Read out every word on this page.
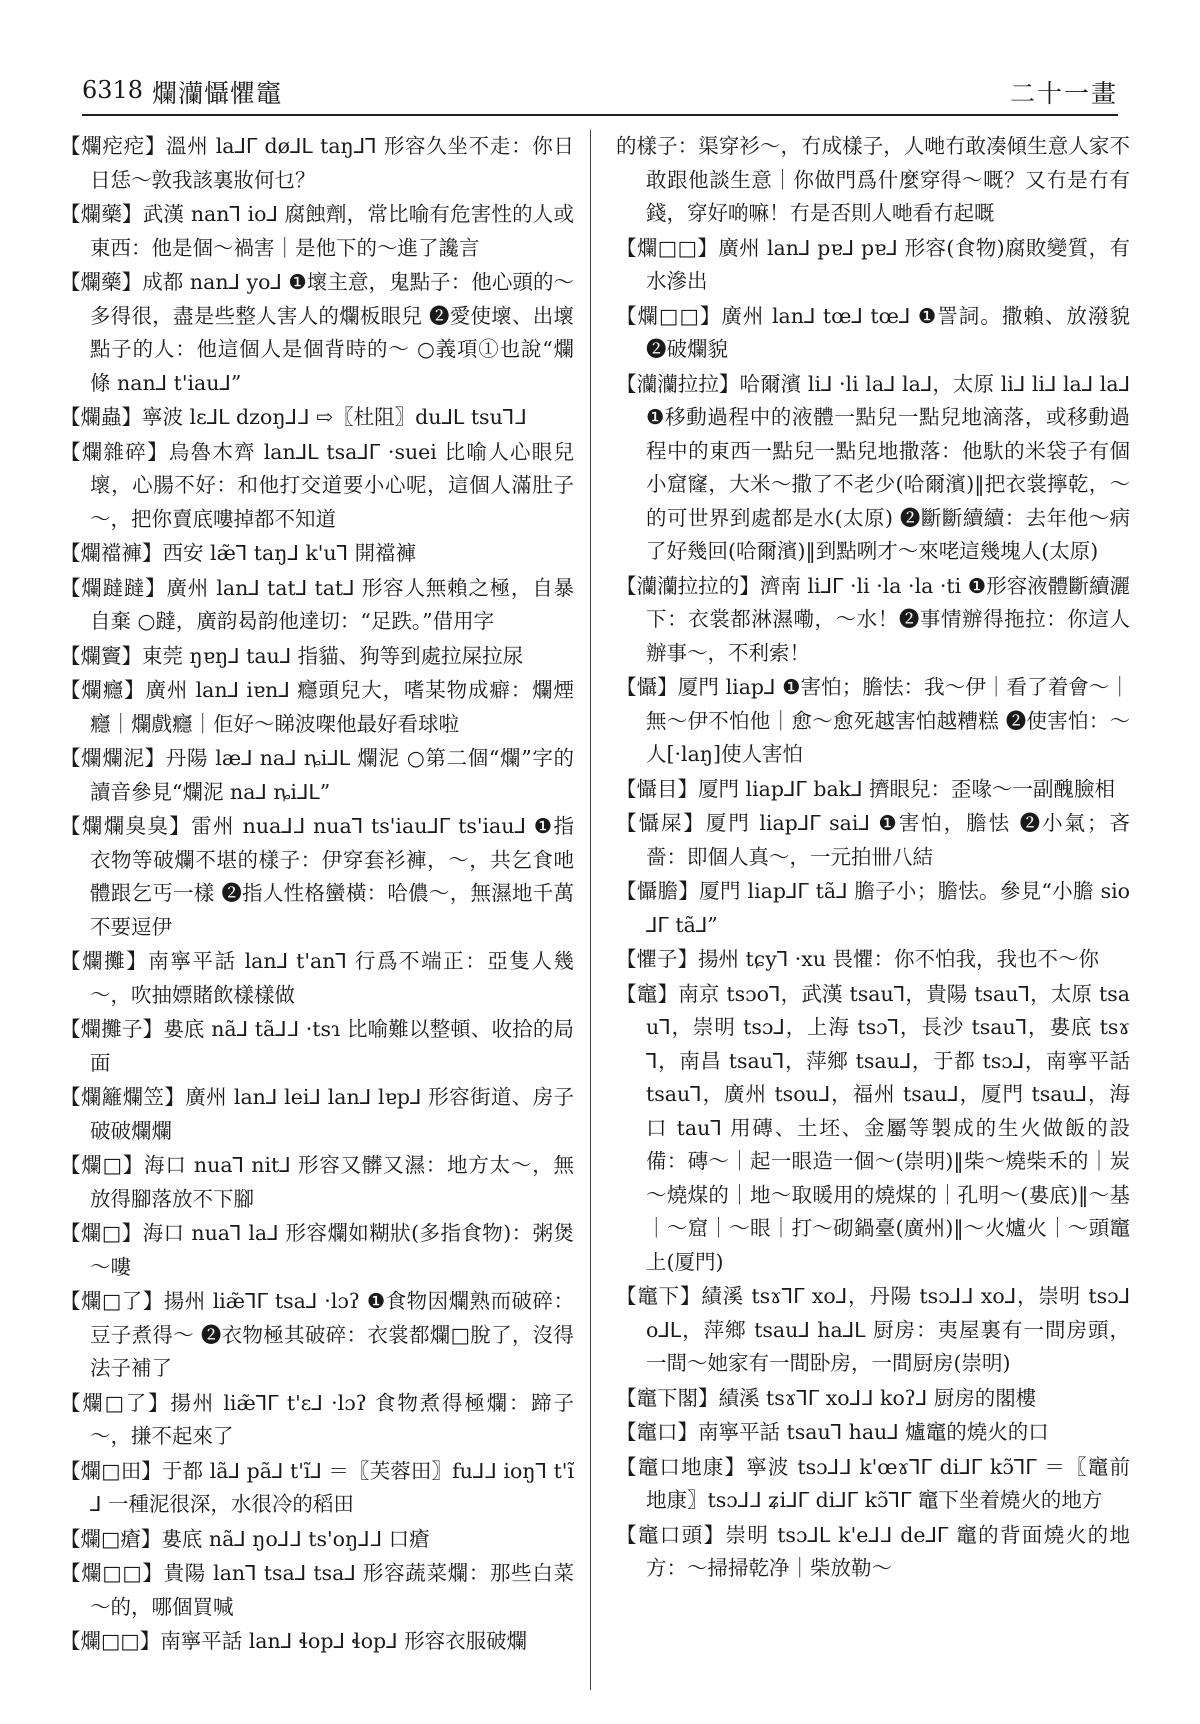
6318 爛灡懾懼竈	二十一畫

【爛㾃㾃】溫州 la⅃ᒥ dø⅃ᒪ taŋ⅃⅂ 形容久坐不走：你日日恁～敦我該裏妝何乜？

【爛藥】武漢 nan⅂ io⅃ 腐蝕劑，常比喻有危害性的人或東西：他是個～禍害｜是他下的～進了讒言

【爛藥】成都 nan⅃ yo⅃ ❶壞主意，鬼點子：他心頭的～多得很，盡是些整人害人的爛板眼兒 ❷愛使壞、出壞點子的人：他這個人是個背時的～ ○義項①也說“爛條 nan⅃ t'iau⅃”

【爛蟲】寧波 lɛ⅃ᒪ dzoŋ⅃ᒧ ⇨〖杜阻〗du⅃ᒪ tsu⅂ᒧ

【爛雜碎】烏魯木齊 lan⅃ᒪ tsa⅃ᒥ ·suei 比喻人心眼兒壞，心腸不好：和他打交道要小心呢，這個人滿肚子～，把你賣底嘍掉都不知道

【爛襠褲】西安 læ̃⅂ taŋ⅃ k'u⅂ 開襠褲

【爛躂躂】廣州 lan⅃ tat⅃ tat⅃ 形容人無賴之極，自暴自棄 ○躂，廣韵曷韵他達切：“足跌。”借用字

【爛竇】東莞 ŋɐŋ⅃ tau⅃ 指貓、狗等到處拉屎拉尿

【爛癮】廣州 lan⅃ iɐn⅃ 癮頭兒大，嗜某物成癖：爛煙癮｜爛戲癮｜佢好～睇波㗎他最好看球啦

【爛爛泥】丹陽 læ⅃ na⅃ ȵi⅃ᒪ 爛泥 ○第二個“爛”字的讀音參見“爛泥 na⅃ ȵi⅃ᒪ”

【爛爛臭臭】雷州 nua⅃ᒧ nua⅂ ts'iau⅃ᒥ ts'iau⅃ ❶指衣物等破爛不堪的樣子：伊穿套衫褲，～，共乞食吔體跟乞丐一樣 ❷指人性格蠻橫：哈儂～，無濕地千萬不要逗伊

【爛攤】南寧平話 lan⅃ t'an⅂ 行爲不端正：亞隻人幾～，吹抽嫖賭飲樣樣做

【爛攤子】婁底 nã⅃ tã⅃ᒧ ·tsɿ 比喻難以整頓、收拾的局面

【爛籬爛笠】廣州 lan⅃ lei⅃ lan⅃ lɐp⅃ 形容街道、房子破破爛爛

【爛□】海口 nua⅂ nit⅃ 形容又髒又濕：地方太～，無放得腳落放不下腳

【爛□】海口 nua⅂ la⅃ 形容爛如糊狀(多指食物)：粥煲～嘍

【爛□了】揚州 liæ̃⅂ᒥ tsa⅃ ·lɔʔ ❶食物因爛熟而破碎：豆子煮得～ ❷衣物極其破碎：衣裳都爛□脫了，沒得法子補了

【爛□了】揚州 liæ̃⅂ᒥ t'ɛ⅃ ·lɔʔ 食物煮得極爛：蹄子～，搛不起來了

【爛□田】于都 lã⅃ pã⅃ t'ĩ⅃ ＝〖芙蓉田〗fu⅃ᒧ ioŋ⅂ t'ĩ⅃ 一種泥很深，水很冷的稻田

【爛□瘡】婁底 nã⅃ ŋo⅃ᒧ ts'oŋ⅃ᒧ 口瘡

【爛□□】貴陽 lan⅂ tsa⅃ tsa⅃ 形容蔬菜爛：那些白菜～的，哪個買喊

【爛□□】南寧平話 lan⅃ ɬop⅃ ɬop⅃ 形容衣服破爛

的樣子：渠穿衫～，冇成樣子，人哋冇敢凑傾生意人家不敢跟他談生意｜你做門爲什麼穿得～嘅？又冇是冇有錢，穿好啲嘛！冇是否則人哋看冇起嘅

【爛□□】廣州 lan⅃ pɐ⅃ pɐ⅃ 形容(食物)腐敗變質，有水滲出

【爛□□】廣州 lan⅃ tœ⅃ tœ⅃ ❶詈詞。撒賴、放潑貌 ❷破爛貌

【灡灡拉拉】哈爾濱 li⅃ ·li la⅃ la⅃，太原 li⅃ li⅃ la⅃ la⅃ ❶移動過程中的液體一點兒一點兒地滴落，或移動過程中的東西一點兒一點兒地撒落：他馱的米袋子有個小窟窿，大米～撒了不老少(哈爾濱)‖把衣裳擰乾，～的可世界到處都是水(太原) ❷斷斷續續：去年他～病了好幾回(哈爾濱)‖到點咧才～來咾這幾塊人(太原)

【灡灡拉拉的】濟南 li⅃ᒥ ·li ·la ·la ·ti ❶形容液體斷續灑下：衣裳都淋濕嘞，～水！❷事情辦得拖拉：你這人辦事～，不利索！

【懾】厦門 liap⅃ ❶害怕；膽怯：我～伊｜看了着會～｜無～伊不怕他｜愈～愈死越害怕越糟糕 ❷使害怕：～人[·laŋ]使人害怕

【懾目】厦門 liap⅃ᒥ bak⅃ 擠眼兒：歪喙～一副醜臉相

【懾屎】厦門 liap⅃ᒥ sai⅃ ❶害怕，膽怯 ❷小氣；吝嗇：即個人真～，一元拍卌八結

【懾膽】厦門 liap⅃ᒥ tã⅃ 膽子小；膽怯。參見“小膽 sio⅃ᒥ tã⅃”

【懼子】揚州 tɕy⅂ ·xu 畏懼：你不怕我，我也不～你

【竈】南京 tsɔo⅂，武漢 tsau⅂，貴陽 tsau⅂，太原 tsau⅂，崇明 tsɔ⅃，上海 tsɔ⅂，長沙 tsau⅂，婁底 tsɤ⅂，南昌 tsau⅂，萍鄉 tsau⅃，于都 tsɔ⅃，南寧平話 tsau⅂，廣州 tsou⅃，福州 tsau⅃，厦門 tsau⅃，海口 tau⅂ 用磚、土坯、金屬等製成的生火做飯的設備：磚～｜起一眼造一個～(崇明)‖柴～燒柴禾的｜炭～燒煤的｜地～取暖用的燒煤的｜孔明～(婁底)‖～基｜～窟｜～眼｜打～砌鍋臺(廣州)‖～火爐火｜～頭竈上(厦門)

【竈下】績溪 tsɤ⅂ᒥ xo⅃，丹陽 tsɔ⅃ᒧ xo⅃，崇明 tsɔ⅃ o⅃ᒪ，萍鄉 tsau⅃ ha⅃ᒪ 厨房：夷屋裏有一間房頭，一間～她家有一間卧房，一間厨房(崇明)

【竈下閣】績溪 tsɤ⅂ᒥ xo⅃ᒧ koʔ⅃ 厨房的閣樓

【竈口】南寧平話 tsau⅂ hau⅃ 爐竈的燒火的口

【竈口地康】寧波 tsɔ⅃ᒧ k'œɤ⅂ᒥ di⅃ᒥ kɔ̃⅂ᒥ ＝〖竈前地康〗tsɔ⅃ᒧ ʑi⅃ᒥ di⅃ᒥ kɔ̃⅂ᒥ 竈下坐着燒火的地方

【竈口頭】崇明 tsɔ⅃ᒪ k'e⅃ᒧ de⅃ᒥ 竈的背面燒火的地方：～掃掃乾净｜柴放勒～
